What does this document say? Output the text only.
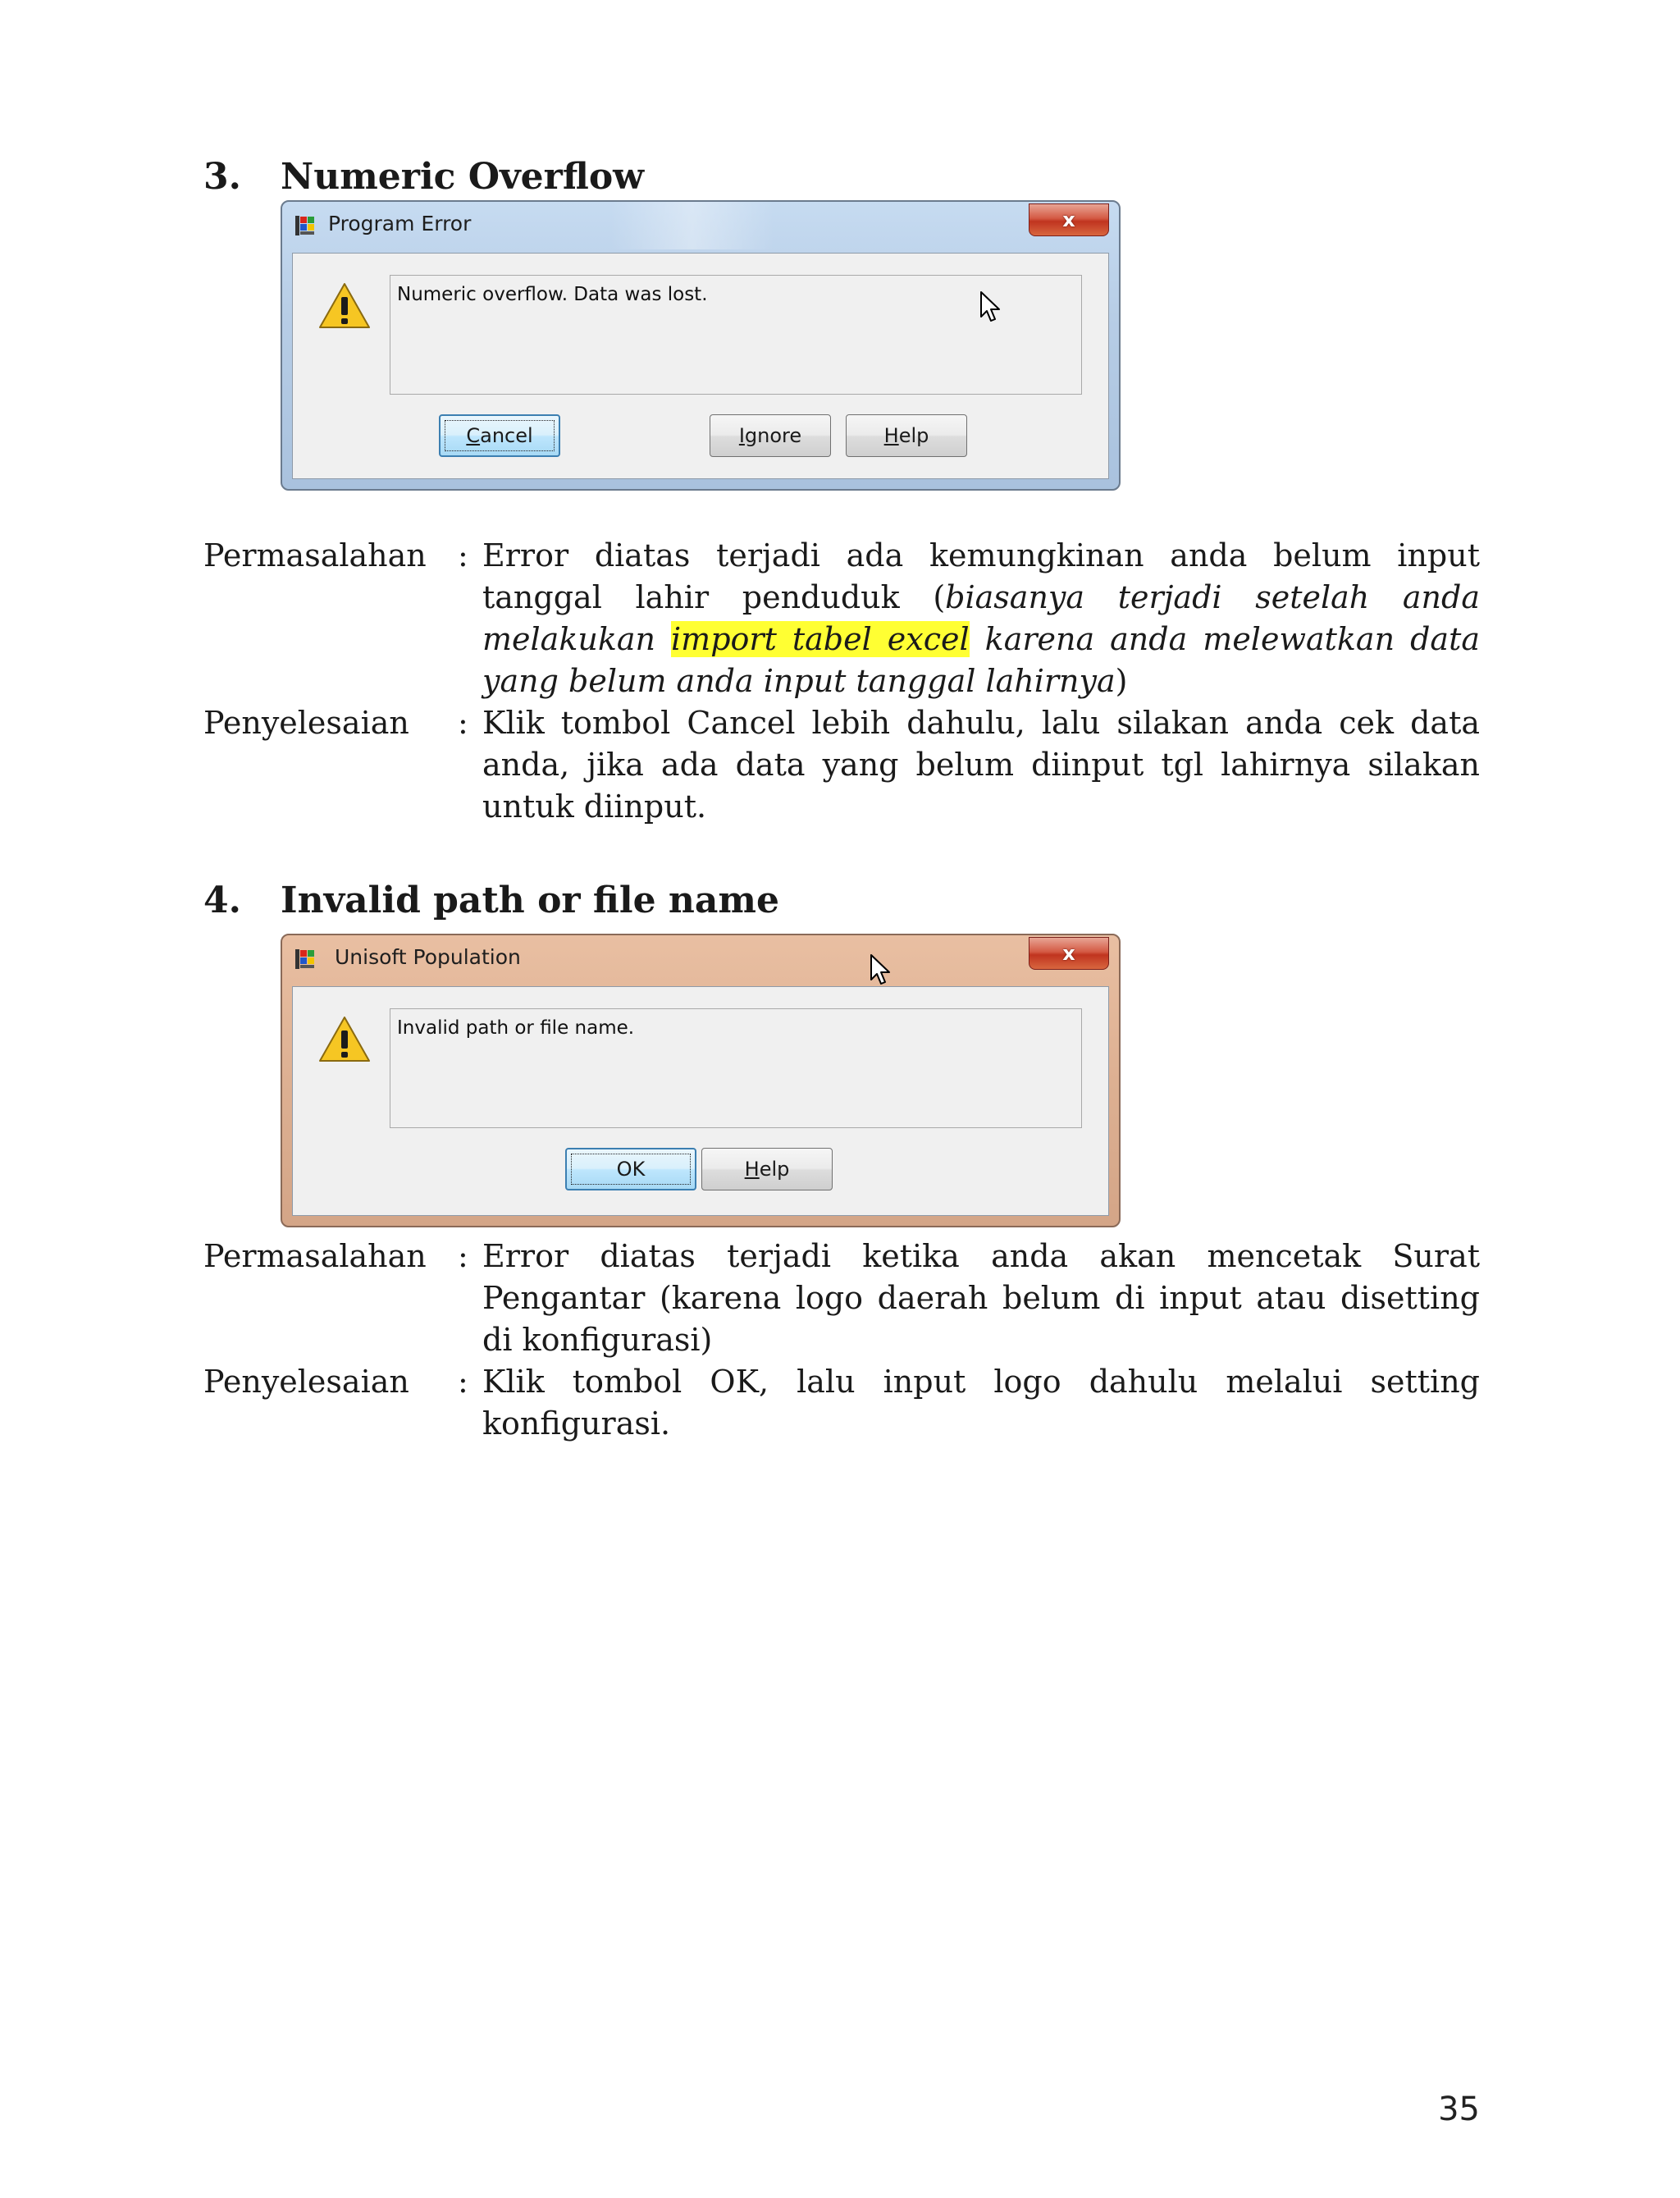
3. Numeric Overflow
Program Error	x
Numeric overflow. Data was lost.
C ancel	I gnore	H elp
Permasalahan	: Error diatas terjadi ada kemungkinan anda belum input tanggal lahir penduduk (biasanya terjadi setelah anda melakukan import tabel excel karena anda melewatkan data yang belum anda input tanggal lahirnya)
Penyelesaian	: Klik tombol Cancel lebih dahulu, lalu silakan anda cek data anda, jika ada data yang belum diinput tgl lahirnya silakan untuk diinput.
4. Invalid path or file name
Unisoft Population	x
Invalid path or file name.
OK	H elp
Permasalahan	: Error diatas terjadi ketika anda akan mencetak Surat Pengantar (karena logo daerah belum di input atau disetting di konfigurasi)
Penyelesaian	: Klik tombol OK, lalu input logo dahulu melalui setting konfigurasi.
35
